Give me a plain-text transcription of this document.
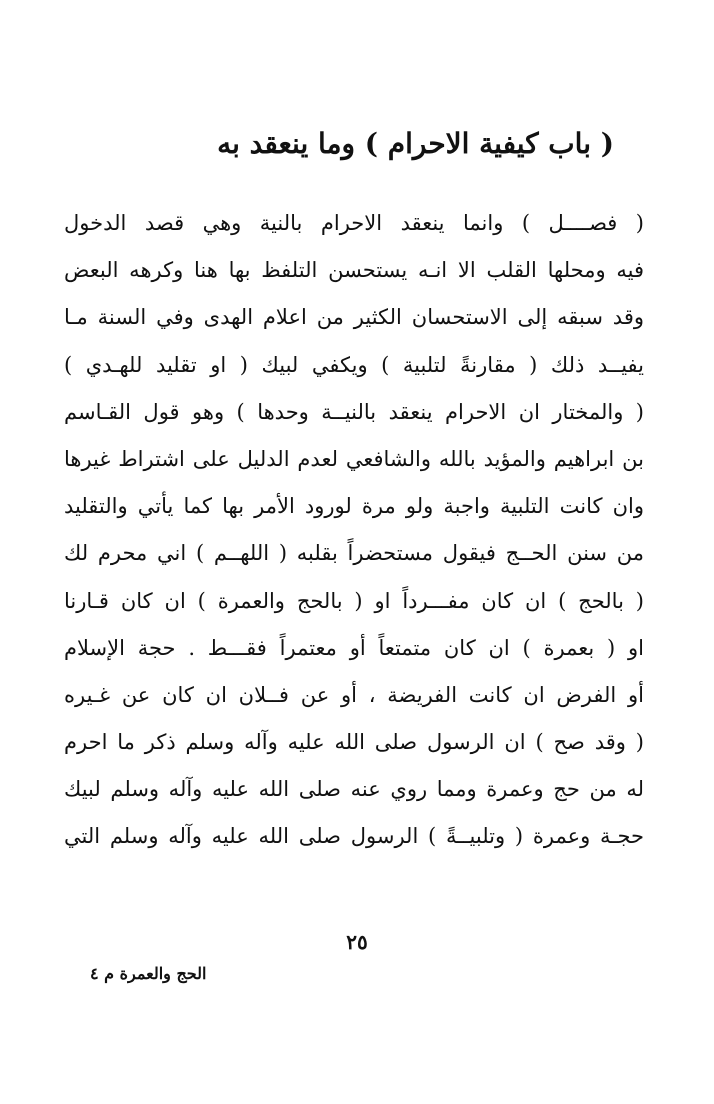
( باب كيفية الاحرام ) وما ينعقد به
( فصــــل ) وانما ينعقد الاحرام بالنية وهي قصد الدخول
فيه ومحلها القلب الا انـه يستحسن التلفظ بها هنا وكرهه البعض
وقد سبقه إلى الاستحسان الكثير من اعلام الهدى وفي السنة مـا
يفيــد ذلك ( مقارنةً لتلبية ) ويكفي لبيك ( او تقليد للهـدي )
( والمختار ان الاحرام ينعقد بالنيــة وحدها ) وهو قول القـاسم
بن ابراهيم والمؤيد بالله والشافعي لعدم الدليل على اشتراط غيرها
وان كانت التلبية واجبة ولو مرة لورود الأمر بها كما يأتي والتقليد
من سنن الحــج فيقول مستحضراً بقلبه ( اللهــم ) اني محرم لك
( بالحج ) ان كان مفـــرداً او ( بالحج والعمرة ) ان كان قـارنا
او ( بعمرة ) ان كان متمتعاً أو معتمراً فقـــط . حجة الإسلام
أو الفرض ان كانت الفريضة ، أو عن فــلان ان كان عن غـيره
( وقد صح ) ان الرسول صلى الله عليه وآله وسلم ذكر ما احرم
له من حج وعمرة ومما روي عنه صلى الله عليه وآله وسلم لبيك
حجـة وعمرة ( وتلبيــةً ) الرسول صلى الله عليه وآله وسلم التي
٢٥
الحج والعمرة م ٤
